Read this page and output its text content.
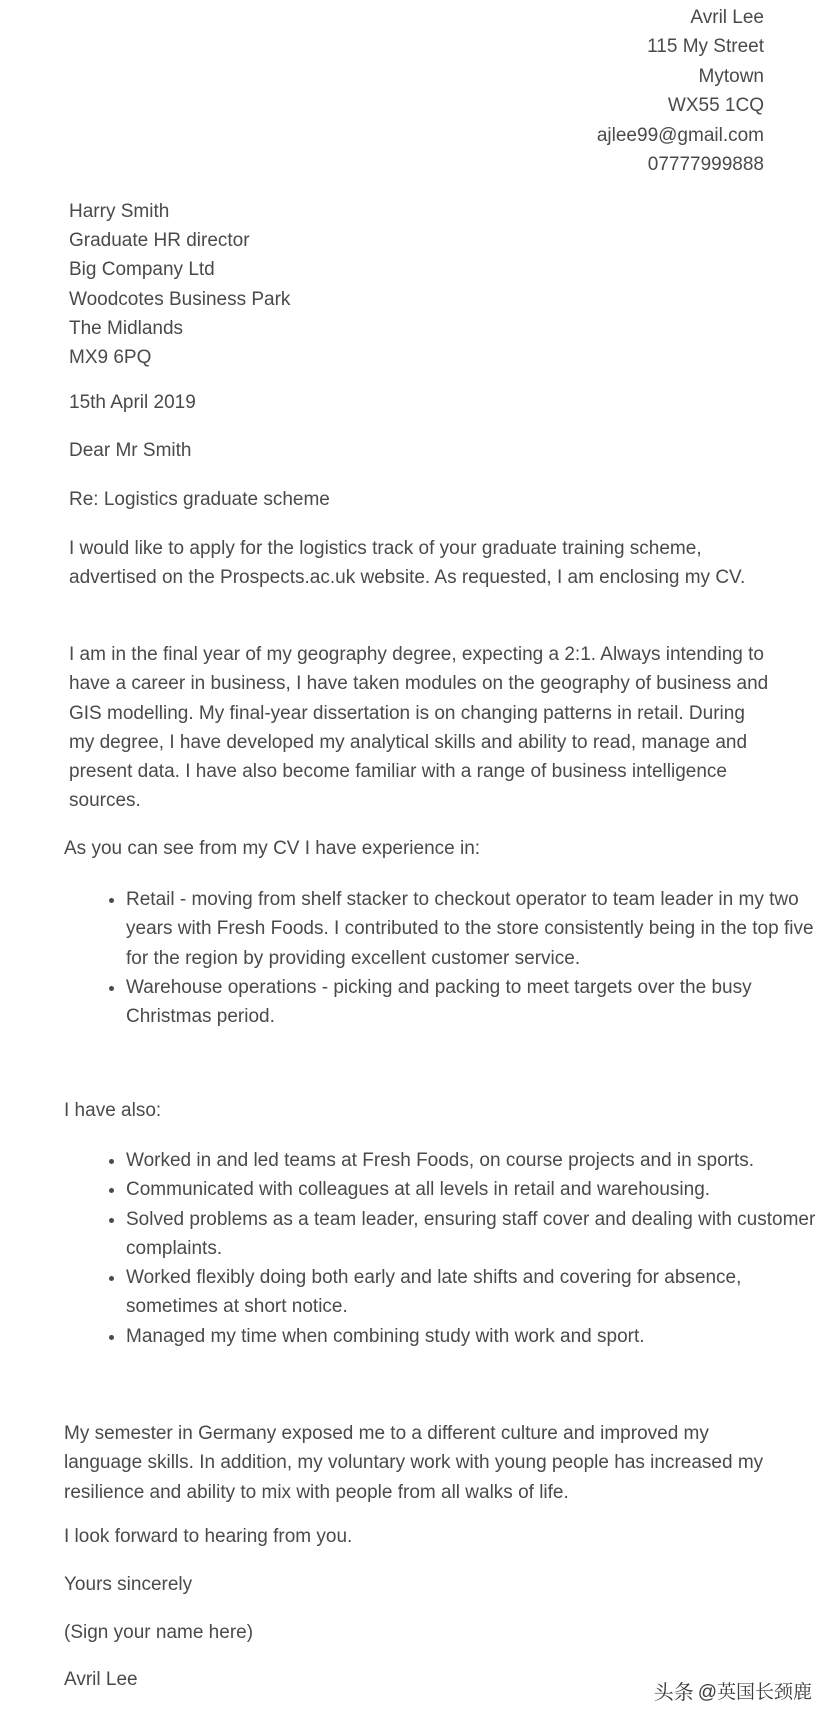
Avril Lee
115 My Street
Mytown
WX55 1CQ
ajlee99@gmail.com
07777999888
Harry Smith
Graduate HR director
Big Company Ltd
Woodcotes Business Park
The Midlands
MX9 6PQ
15th April 2019
Dear Mr Smith
Re: Logistics graduate scheme

I would like to apply for the logistics track of your graduate training scheme, advertised on the Prospects.ac.uk website. As requested, I am enclosing my CV.

I am in the final year of my geography degree, expecting a 2:1. Always intending to have a career in business, I have taken modules on the geography of business and GIS modelling. My final-year dissertation is on changing patterns in retail. During my degree, I have developed my analytical skills and ability to read, manage and present data. I have also become familiar with a range of business intelligence sources.

As you can see from my CV I have experience in:
• Retail - moving from shelf stacker to checkout operator to team leader in my two years with Fresh Foods. I contributed to the store consistently being in the top five for the region by providing excellent customer service.
• Warehouse operations - picking and packing to meet targets over the busy Christmas period.
I have also:
• Worked in and led teams at Fresh Foods, on course projects and in sports.
• Communicated with colleagues at all levels in retail and warehousing.
• Solved problems as a team leader, ensuring staff cover and dealing with customer complaints.
• Worked flexibly doing both early and late shifts and covering for absence, sometimes at short notice.
• Managed my time when combining study with work and sport.

My semester in Germany exposed me to a different culture and improved my language skills. In addition, my voluntary work with young people has increased my resilience and ability to mix with people from all walks of life.

I look forward to hearing from you.
Yours sincerely
(Sign your name here)
Avril Lee
头条 @英国长颈鹿
